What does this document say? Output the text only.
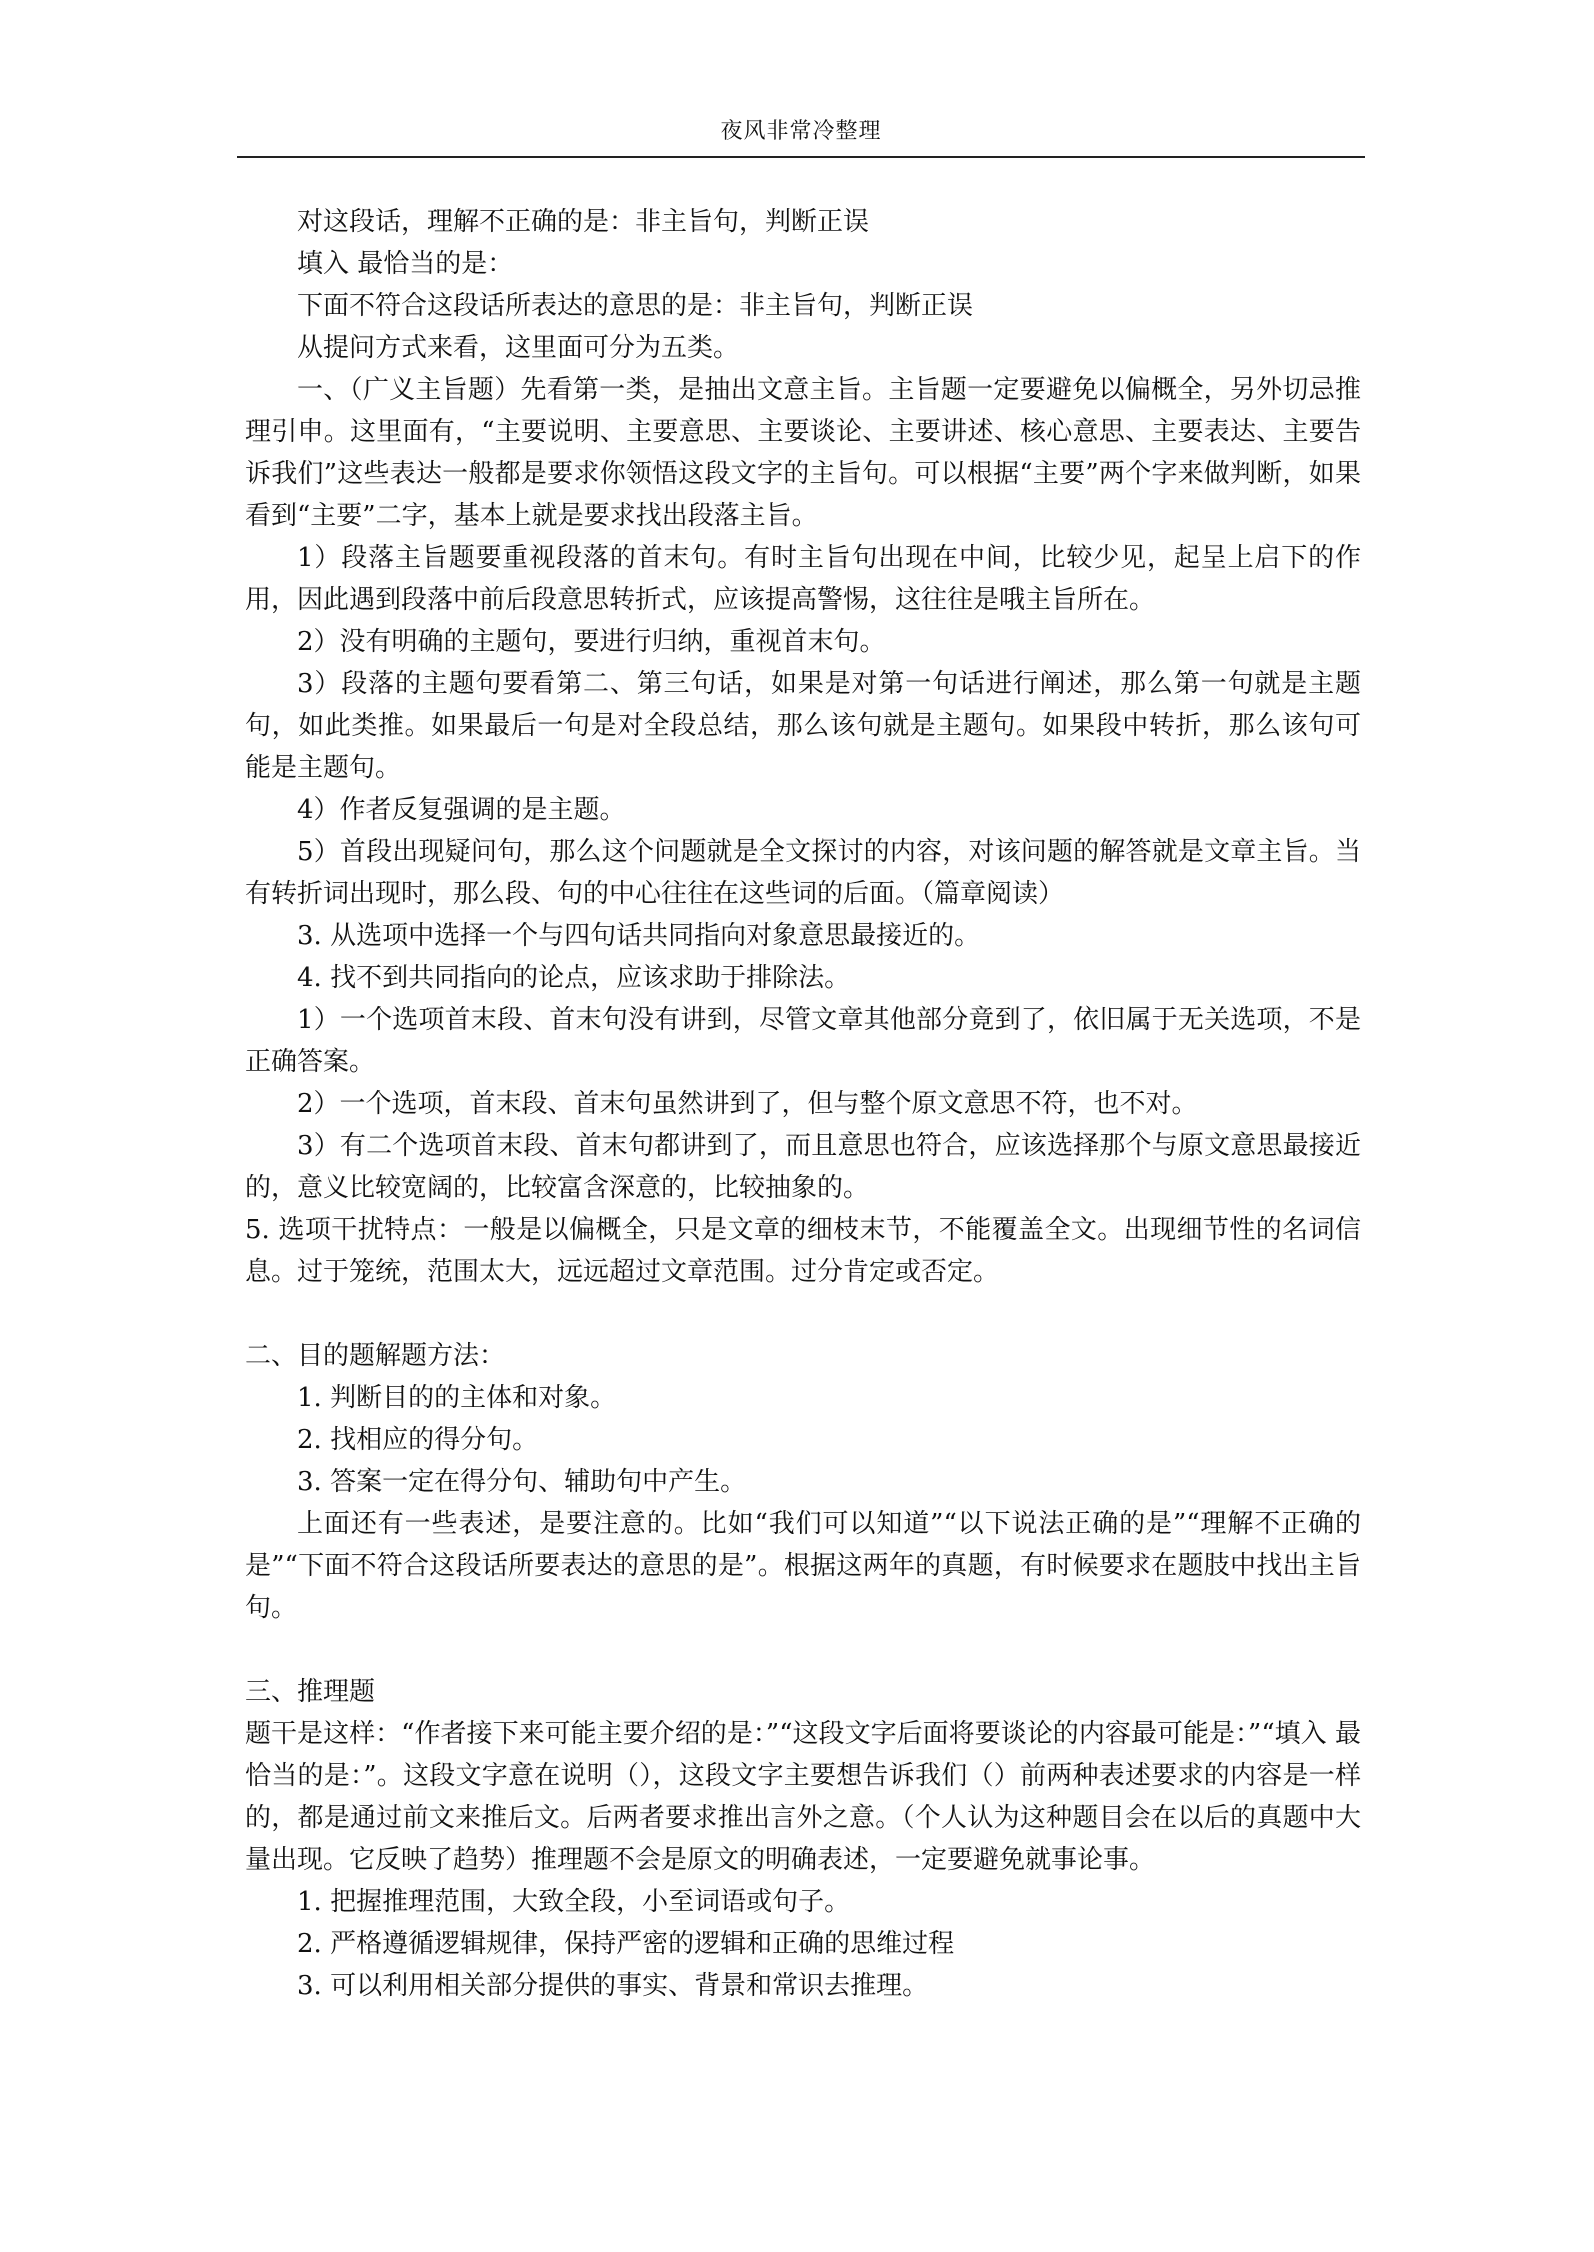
夜风非常冷整理

对这段话，理解不正确的是：非主旨句，判断正误

填入 最恰当的是：

下面不符合这段话所表达的意思的是：非主旨句，判断正误

从提问方式来看，这里面可分为五类。

一、（广义主旨题）先看第一类，是抽出文意主旨。主旨题一定要避免以偏概全，另外切忌推理引申。这里面有，“主要说明、主要意思、主要谈论、主要讲述、核心意思、主要表达、主要告诉我们”这些表达一般都是要求你领悟这段文字的主旨句。可以根据“主要”两个字来做判断，如果看到“主要”二字，基本上就是要求找出段落主旨。

1）段落主旨题要重视段落的首末句。有时主旨句出现在中间，比较少见，起呈上启下的作用，因此遇到段落中前后段意思转折式，应该提高警惕，这往往是哦主旨所在。

2）没有明确的主题句，要进行归纳，重视首末句。

3）段落的主题句要看第二、第三句话，如果是对第一句话进行阐述，那么第一句就是主题句，如此类推。如果最后一句是对全段总结，那么该句就是主题句。如果段中转折，那么该句可能是主题句。

4）作者反复强调的是主题。

5）首段出现疑问句，那么这个问题就是全文探讨的内容，对该问题的解答就是文章主旨。当有转折词出现时，那么段、句的中心往往在这些词的后面。（篇章阅读）

3. 从选项中选择一个与四句话共同指向对象意思最接近的。

4. 找不到共同指向的论点，应该求助于排除法。

1）一个选项首末段、首末句没有讲到，尽管文章其他部分竟到了，依旧属于无关选项，不是正确答案。

2）一个选项，首末段、首末句虽然讲到了，但与整个原文意思不符，也不对。

3）有二个选项首末段、首末句都讲到了，而且意思也符合，应该选择那个与原文意思最接近的，意义比较宽阔的，比较富含深意的，比较抽象的。

5. 选项干扰特点：一般是以偏概全，只是文章的细枝末节，不能覆盖全文。出现细节性的名词信息。过于笼统，范围太大，远远超过文章范围。过分肯定或否定。

二、目的题解题方法：

1. 判断目的的主体和对象。

2. 找相应的得分句。

3. 答案一定在得分句、辅助句中产生。

上面还有一些表述，是要注意的。比如“我们可以知道”“以下说法正确的是”“理解不正确的是”“下面不符合这段话所要表达的意思的是”。根据这两年的真题，有时候要求在题肢中找出主旨句。

三、推理题

题干是这样：“作者接下来可能主要介绍的是：”“这段文字后面将要谈论的内容最可能是：”“填入 最恰当的是：”。这段文字意在说明（），这段文字主要想告诉我们（）前两种表述要求的内容是一样的，都是通过前文来推后文。后两者要求推出言外之意。（个人认为这种题目会在以后的真题中大量出现。它反映了趋势）推理题不会是原文的明确表述，一定要避免就事论事。

1. 把握推理范围，大致全段，小至词语或句子。

2. 严格遵循逻辑规律，保持严密的逻辑和正确的思维过程

3. 可以利用相关部分提供的事实、背景和常识去推理。
